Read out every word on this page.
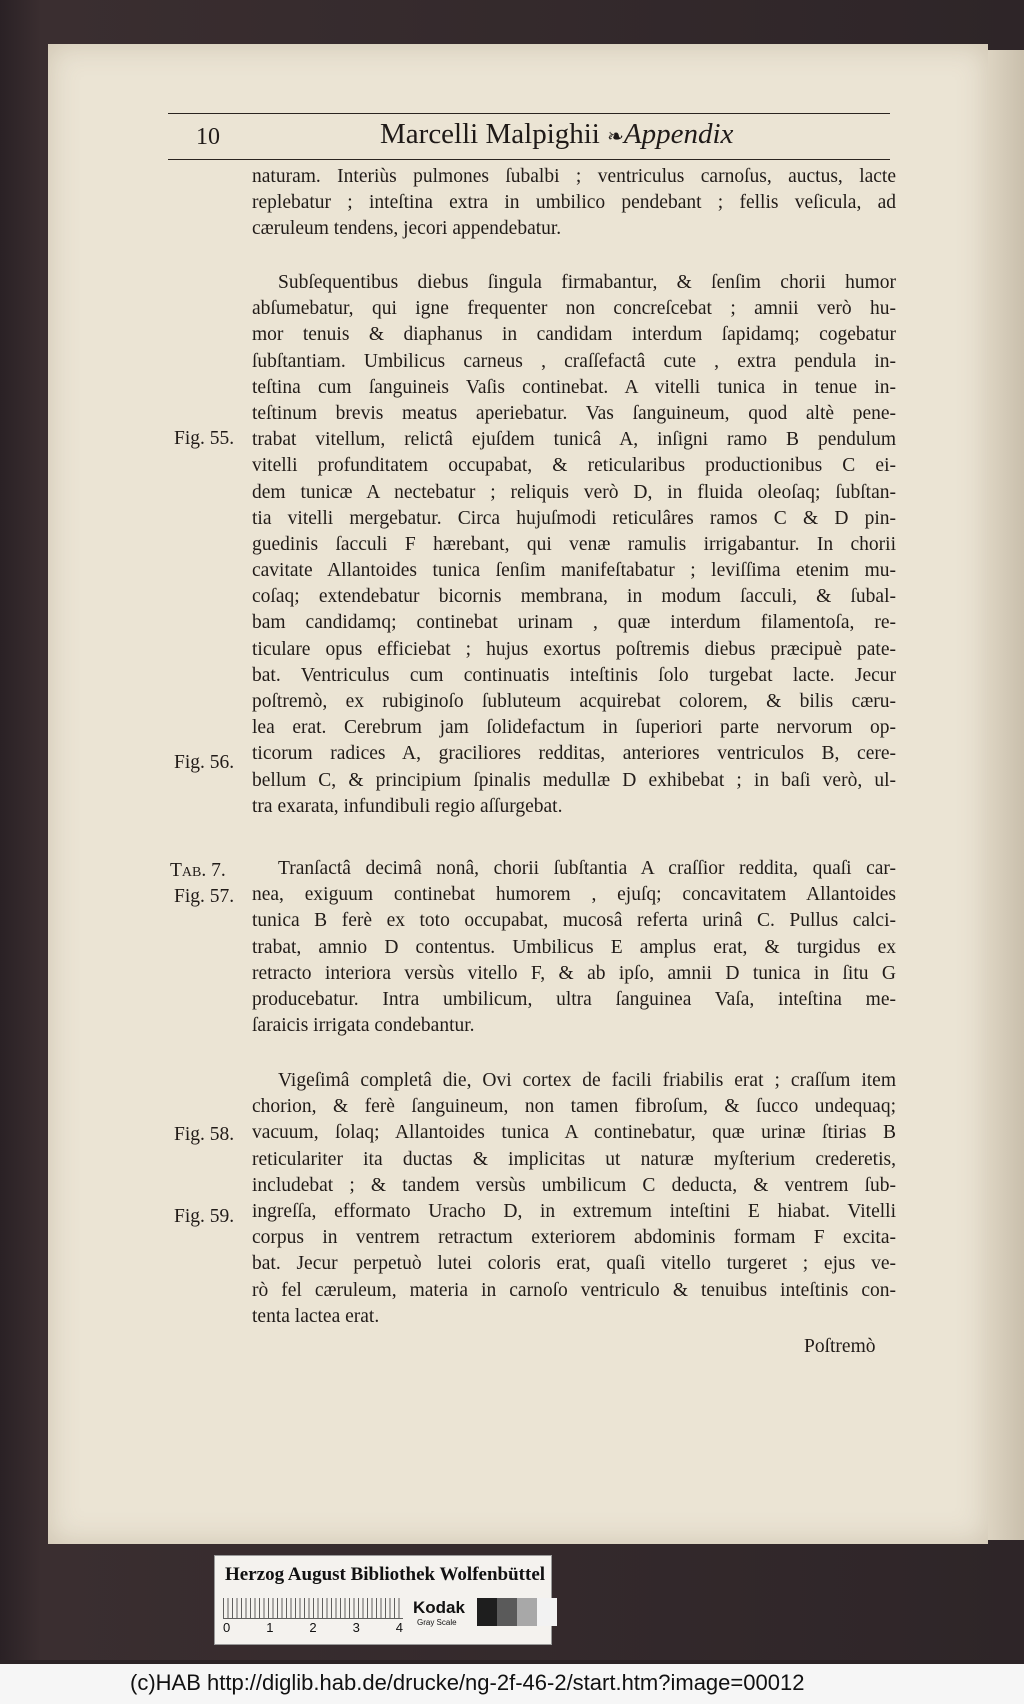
10	Marcelli Malpighii ❧Appendix
naturam. Interiùs pulmones ſubalbi ; ventriculus carnoſus, auctus, lacte
replebatur ; inteſtina extra in umbilico pendebant ; fellis veſicula, ad
cæruleum tendens, jecori appendebatur.
Subſequentibus diebus ſingula firmabantur, & ſenſim chorii humor
abſumebatur, qui igne frequenter non concreſcebat ; amnii verò hu-
mor tenuis & diaphanus in candidam interdum ſapidamq; cogebatur
ſubſtantiam. Umbilicus carneus , craſſefactâ cute , extra pendula in-
teſtina cum ſanguineis Vaſis continebat. A vitelli tunica in tenue in-
teſtinum brevis meatus aperiebatur. Vas ſanguineum, quod altè pene-
trabat vitellum, relictâ ejuſdem tunicâ A, inſigni ramo B pendulum
vitelli profunditatem occupabat, & reticularibus productionibus C ei-
dem tunicæ A nectebatur ; reliquis verò D, in fluida oleoſaq; ſubſtan-
tia vitelli mergebatur. Circa hujuſmodi reticulâres ramos C & D pin-
guedinis ſacculi F hærebant, qui venæ ramulis irrigabantur. In chorii
cavitate Allantoides tunica ſenſim manifeſtabatur ; leviſſima etenim mu-
coſaq; extendebatur bicornis membrana, in modum ſacculi, & ſubal-
bam candidamq; continebat urinam , quæ interdum filamentoſa, re-
ticulare opus efficiebat ; hujus exortus poſtremis diebus præcipuè pate-
bat. Ventriculus cum continuatis inteſtinis ſolo turgebat lacte. Jecur
poſtremò, ex rubiginoſo ſubluteum acquirebat colorem, & bilis cæru-
lea erat. Cerebrum jam ſolidefactum in ſuperiori parte nervorum op-
ticorum radices A, graciliores redditas, anteriores ventriculos B, cere-
bellum C, & principium ſpinalis medullæ D exhibebat ; in baſi verò, ul-
tra exarata, infundibuli regio aſſurgebat.
Tranſactâ decimâ nonâ, chorii ſubſtantia A craſſior reddita, quaſi car-
nea, exiguum continebat humorem , ejuſq; concavitatem Allantoides
tunica B ferè ex toto occupabat, mucosâ referta urinâ C. Pullus calci-
trabat, amnio D contentus. Umbilicus E amplus erat, & turgidus ex
retracto interiora versùs vitello F, & ab ipſo, amnii D tunica in ſitu G
producebatur. Intra umbilicum, ultra ſanguinea Vaſa, inteſtina me-
ſaraicis irrigata condebantur.
Vigeſimâ completâ die, Ovi cortex de facili friabilis erat ; craſſum item
chorion, & ferè ſanguineum, non tamen fibroſum, & ſucco undequaq;
vacuum, ſolaq; Allantoides tunica A continebatur, quæ urinæ ſtirias B
reticulariter ita ductas & implicitas ut naturæ myſterium crederetis,
includebat ; & tandem versùs umbilicum C deducta, & ventrem ſub-
ingreſſa, efformato Uracho D, in extremum inteſtini E hiabat. Vitelli
corpus in ventrem retractum exteriorem abdominis formam F excita-
bat. Jecur perpetuò lutei coloris erat, quaſi vitello turgeret ; ejus ve-
rò fel cæruleum, materia in carnoſo ventriculo & tenuibus inteſtinis con-
tenta lactea erat.
Fig. 55.
Fig. 56.
Tab. 7.
Fig. 57.
Fig. 58.
Fig. 59.
Poſtremò
Herzog August Bibliothek Wolfenbüttel
0	1	2	3	4
Kodak
Gray Scale
(c)HAB http://diglib.hab.de/drucke/ng-2f-46-2/start.htm?image=00012
